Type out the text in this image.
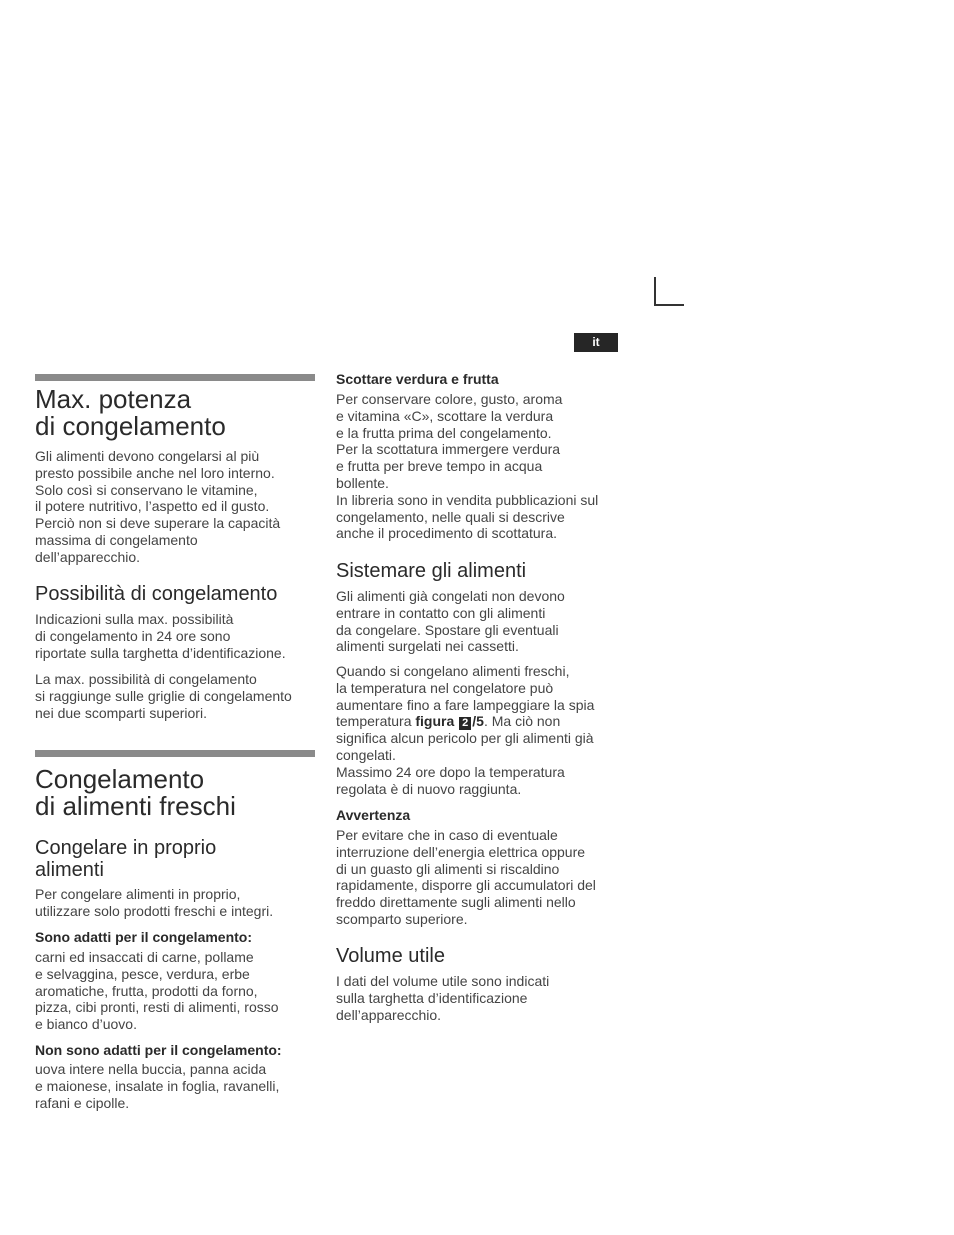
it
Max. potenza
di congelamento

Gli alimenti devono congelarsi al più
presto possibile anche nel loro interno.
Solo così si conservano le vitamine,
il potere nutritivo, l’aspetto ed il gusto.
Perciò non si deve superare la capacità
massima di congelamento
dell’apparecchio.

Possibilità di congelamento

Indicazioni sulla max. possibilità
di congelamento in 24 ore sono
riportate sulla targhetta d’identificazione.

La max. possibilità di congelamento
si raggiunge sulle griglie di congelamento
nei due scomparti superiori.

Congelamento
di alimenti freschi
Congelare in proprio
alimenti

Per congelare alimenti in proprio,
utilizzare solo prodotti freschi e integri.

Sono adatti per il congelamento:

carni ed insaccati di carne, pollame
e selvaggina, pesce, verdura, erbe
aromatiche, frutta, prodotti da forno,
pizza, cibi pronti, resti di alimenti, rosso
e bianco d’uovo.

Non sono adatti per il congelamento:

uova intere nella buccia, panna acida
e maionese, insalate in foglia, ravanelli,
rafani e cipolle.

Scottare verdura e frutta

Per conservare colore, gusto, aroma
e vitamina «C», scottare la verdura
e la frutta prima del congelamento.
Per la scottatura immergere verdura
e frutta per breve tempo in acqua
bollente.
In libreria sono in vendita pubblicazioni sul
congelamento, nelle quali si descrive
anche il procedimento di scottatura.

Sistemare gli alimenti

Gli alimenti già congelati non devono
entrare in contatto con gli alimenti
da congelare. Spostare gli eventuali
alimenti surgelati nei cassetti.

Quando si congelano alimenti freschi,
la temperatura nel congelatore può
aumentare fino a fare lampeggiare la spia
temperatura figura 2 /5. Ma ciò non
significa alcun pericolo per gli alimenti già
congelati.
Massimo 24 ore dopo la temperatura
regolata è di nuovo raggiunta.

Avvertenza

Per evitare che in caso di eventuale
interruzione dell’energia elettrica oppure
di un guasto gli alimenti si riscaldino
rapidamente, disporre gli accumulatori del
freddo direttamente sugli alimenti nello
scomparto superiore.

Volume utile

I dati del volume utile sono indicati
sulla targhetta d’identificazione
dell’apparecchio.
